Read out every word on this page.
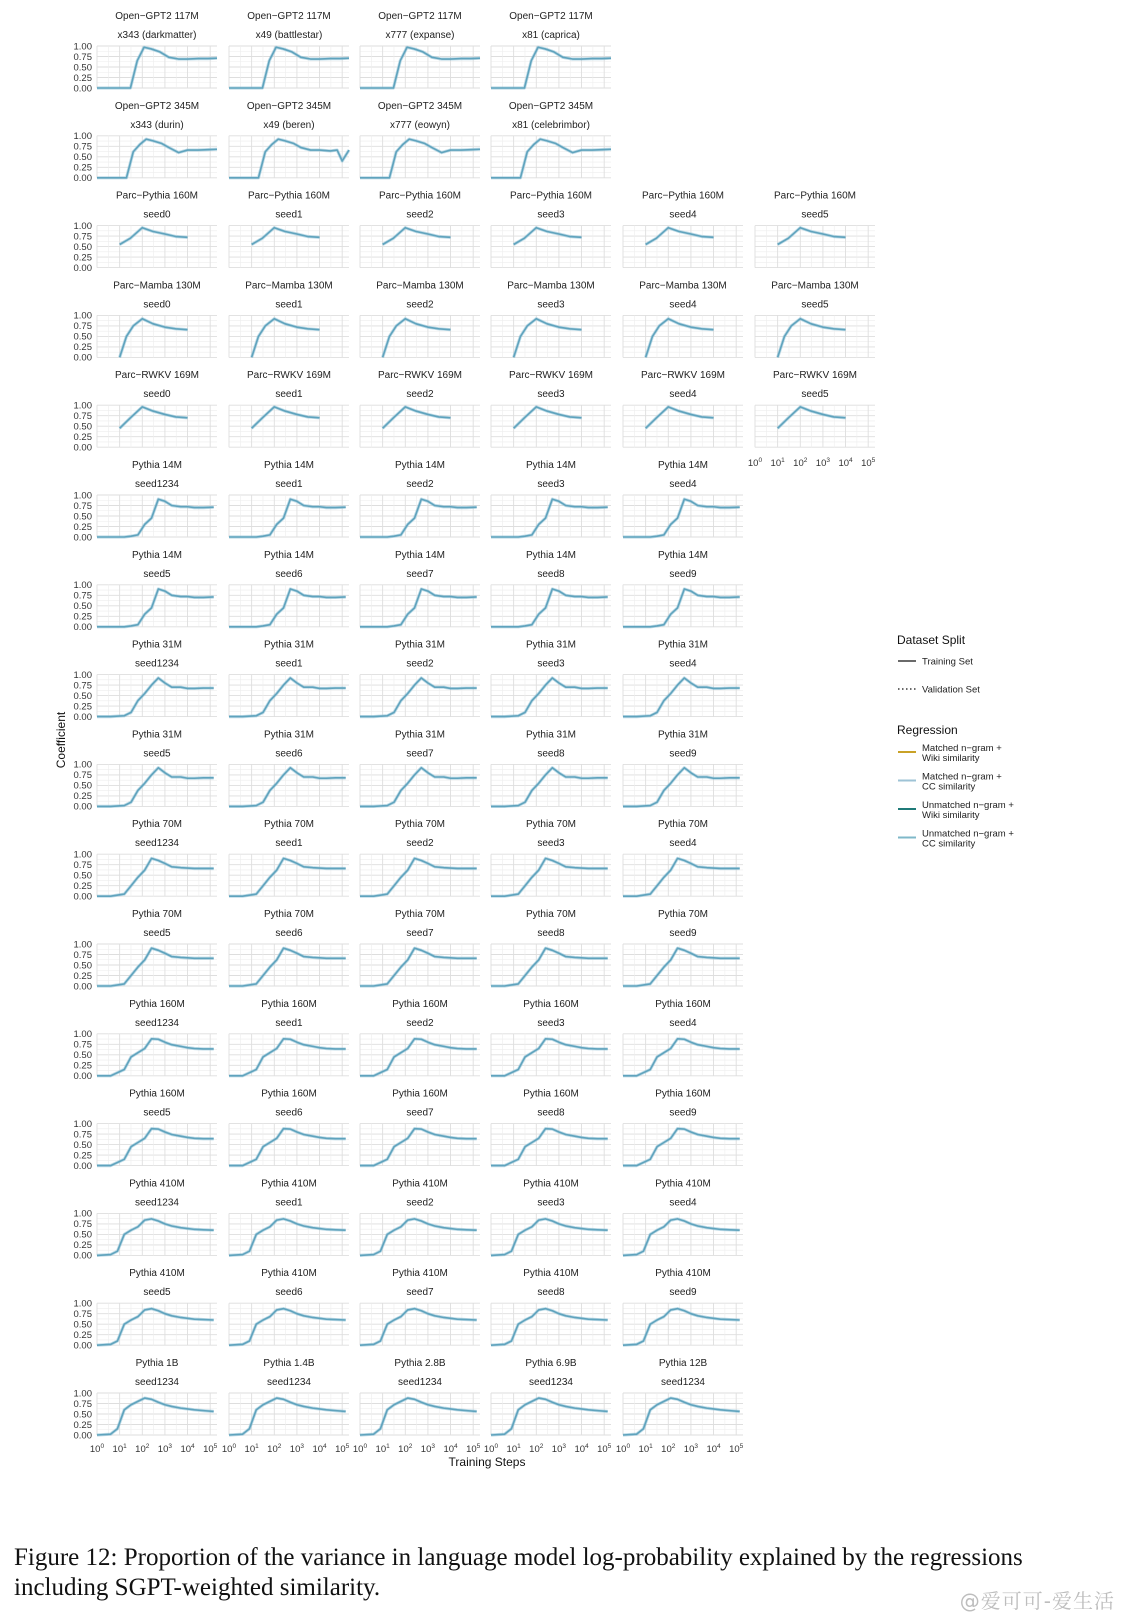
Open−GPT2 117M
x343 (darkmatter)
0.00
0.25
0.50
0.75
1.00
Open−GPT2 117M
x49 (battlestar)
Open−GPT2 117M
x777 (expanse)
Open−GPT2 117M
x81 (caprica)
Open−GPT2 345M
x343 (durin)
0.00
0.25
0.50
0.75
1.00
Open−GPT2 345M
x49 (beren)
Open−GPT2 345M
x777 (eowyn)
Open−GPT2 345M
x81 (celebrimbor)
Parc−Pythia 160M
seed0
0.00
0.25
0.50
0.75
1.00
Parc−Pythia 160M
seed1
Parc−Pythia 160M
seed2
Parc−Pythia 160M
seed3
Parc−Pythia 160M
seed4
Parc−Pythia 160M
seed5
Parc−Mamba 130M
seed0
0.00
0.25
0.50
0.75
1.00
Parc−Mamba 130M
seed1
Parc−Mamba 130M
seed2
Parc−Mamba 130M
seed3
Parc−Mamba 130M
seed4
Parc−Mamba 130M
seed5
Parc−RWKV 169M
seed0
0.00
0.25
0.50
0.75
1.00
Parc−RWKV 169M
seed1
Parc−RWKV 169M
seed2
Parc−RWKV 169M
seed3
Parc−RWKV 169M
seed4
Parc−RWKV 169M
seed5
Pythia 14M
seed1234
0.00
0.25
0.50
0.75
1.00
Pythia 14M
seed1
Pythia 14M
seed2
Pythia 14M
seed3
Pythia 14M
seed4
Pythia 14M
seed5
0.00
0.25
0.50
0.75
1.00
Pythia 14M
seed6
Pythia 14M
seed7
Pythia 14M
seed8
Pythia 14M
seed9
Pythia 31M
seed1234
0.00
0.25
0.50
0.75
1.00
Pythia 31M
seed1
Pythia 31M
seed2
Pythia 31M
seed3
Pythia 31M
seed4
Pythia 31M
seed5
0.00
0.25
0.50
0.75
1.00
Pythia 31M
seed6
Pythia 31M
seed7
Pythia 31M
seed8
Pythia 31M
seed9
Pythia 70M
seed1234
0.00
0.25
0.50
0.75
1.00
Pythia 70M
seed1
Pythia 70M
seed2
Pythia 70M
seed3
Pythia 70M
seed4
Pythia 70M
seed5
0.00
0.25
0.50
0.75
1.00
Pythia 70M
seed6
Pythia 70M
seed7
Pythia 70M
seed8
Pythia 70M
seed9
Pythia 160M
seed1234
0.00
0.25
0.50
0.75
1.00
Pythia 160M
seed1
Pythia 160M
seed2
Pythia 160M
seed3
Pythia 160M
seed4
Pythia 160M
seed5
0.00
0.25
0.50
0.75
1.00
Pythia 160M
seed6
Pythia 160M
seed7
Pythia 160M
seed8
Pythia 160M
seed9
Pythia 410M
seed1234
0.00
0.25
0.50
0.75
1.00
Pythia 410M
seed1
Pythia 410M
seed2
Pythia 410M
seed3
Pythia 410M
seed4
Pythia 410M
seed5
0.00
0.25
0.50
0.75
1.00
Pythia 410M
seed6
Pythia 410M
seed7
Pythia 410M
seed8
Pythia 410M
seed9
Pythia 1B
seed1234
0.00
0.25
0.50
0.75
1.00
Pythia 1.4B
seed1234
Pythia 2.8B
seed1234
Pythia 6.9B
seed1234
Pythia 12B
seed1234
$10^0$ $10^1$ $10^2$ $10^3$ $10^4$ $10^5$ $10^0$ $10^1$ $10^2$ $10^3$ $10^4$ $10^5$ $10^0$ $10^1$ $10^2$ $10^3$ $10^4$ $10^5$ $10^0$ $10^1$ $10^2$ $10^3$ $10^4$ $10^5$ $10^0$ $10^1$ $10^2$ $10^3$ $10^4$ $10^5$
$10^0$ $10^1$ $10^2$ $10^3$ $10^4$ $10^5$
Training Steps
Coefficient
Dataset Split
Training Set
Validation Set
Regression
Matched n−gram +
Wiki similarity
Matched n−gram +
CC similarity
Unmatched n−gram +
Wiki similarity
Unmatched n−gram +
CC similarity
Figure 12: Proportion of the variance in language model log-probability explained by the regressions including SGPT-weighted similarity.	@爱可可-爱生活
